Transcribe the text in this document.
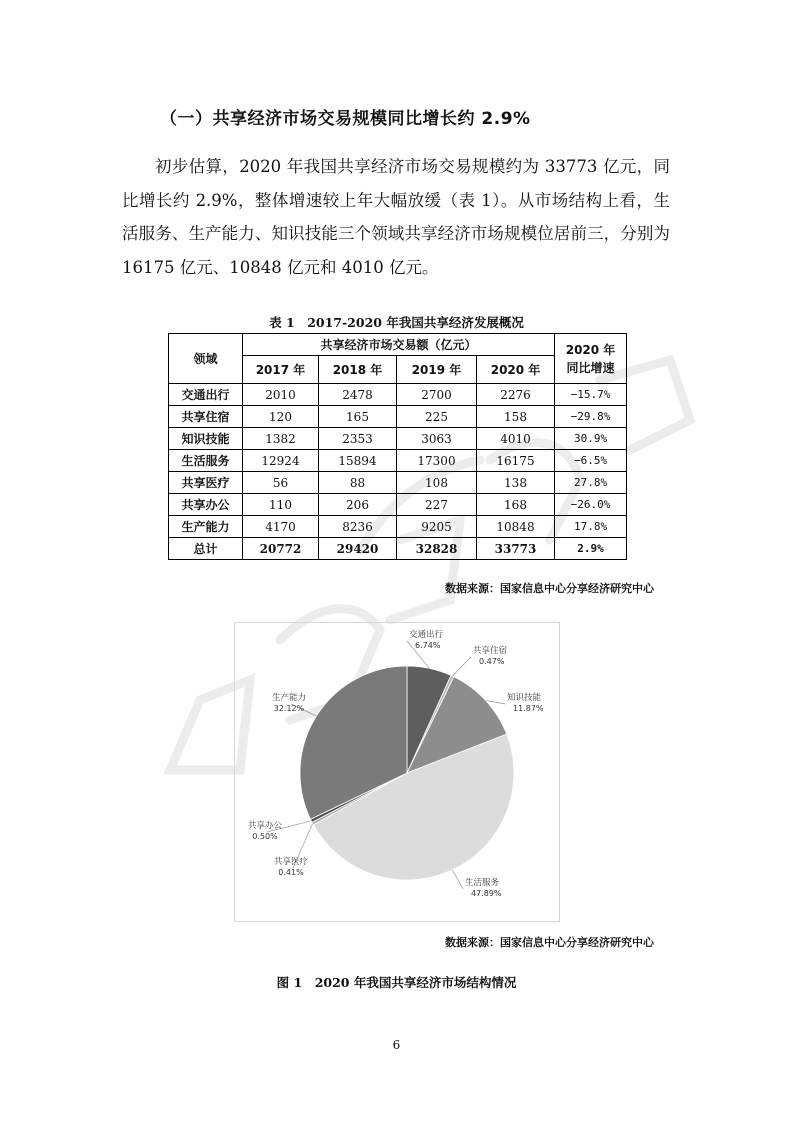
（一）共享经济市场交易规模同比增长约 2.9%
初步估算，2020 年我国共享经济市场交易规模约为 33773 亿元，同比增长约 2.9%，整体增速较上年大幅放缓（表 1）。从市场结构上看，生活服务、生产能力、知识技能三个领域共享经济市场规模位居前三，分别为 16175 亿元、10848 亿元和 4010 亿元。
表 1　2017-2020 年我国共享经济发展概况
领域	共享经济市场交易额（亿元）				2020 年
同比增速
	2017 年	2018 年	2019 年	2020 年	
交通出行	2010	2478	2700	2276	−15.7%
共享住宿	120	165	225	158	−29.8%
知识技能	1382	2353	3063	4010	30.9%
生活服务	12924	15894	17300	16175	−6.5%
共享医疗	56	88	108	138	27.8%
共享办公	110	206	227	168	−26.0%
生产能力	4170	8236	9205	10848	17.8%
总计	20772	29420	32828	33773	2.9%
数据来源：国家信息中心分享经济研究中心
交通出行
6.74%
共享住宿
0.47%
知识技能
11.87%
生活服务
47.89%
共享医疗
0.41%
共享办公
0.50%
生产能力
32.12%
数据来源：国家信息中心分享经济研究中心
图 1　2020 年我国共享经济市场结构情况
6
